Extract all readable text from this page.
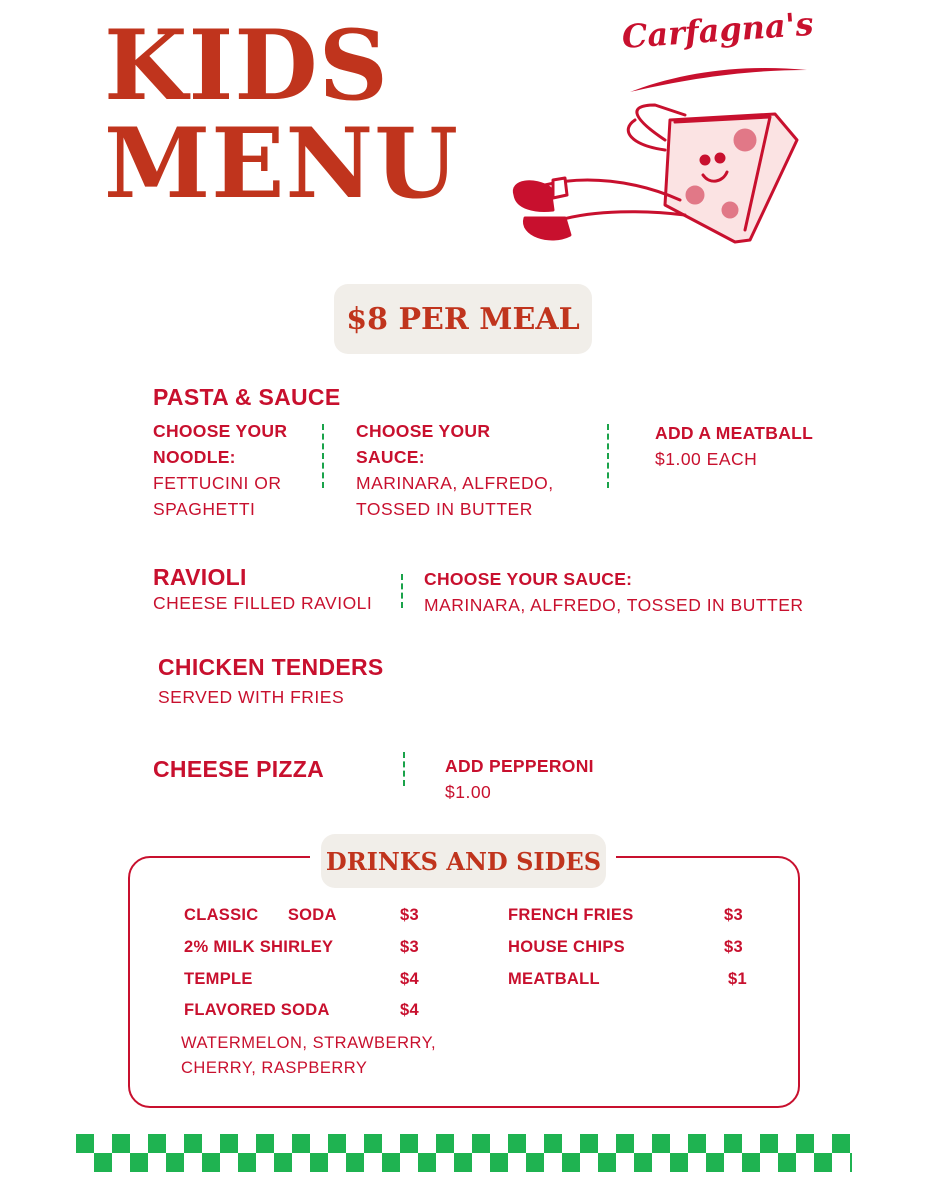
KIDS
MENU
Carfagna's
$8 PER MEAL
PASTA & SAUCE
CHOOSE YOUR
NOODLE:
FETTUCINI OR
SPAGHETTI
CHOOSE YOUR
SAUCE:
MARINARA, ALFREDO,
TOSSED IN BUTTER
ADD A MEATBALL
$1.00 EACH
RAVIOLI
CHEESE FILLED RAVIOLI
CHOOSE YOUR SAUCE:
MARINARA, ALFREDO, TOSSED IN BUTTER
CHICKEN TENDERS
SERVED WITH FRIES
CHEESE PIZZA	ADD PEPPERONI
$1.00
DRINKS AND SIDES
CLASSIC      SODA	$3
2% MILK SHIRLEY	$3
TEMPLE	$4
FLAVORED SODA	$4
WATERMELON, STRAWBERRY,
CHERRY, RASPBERRY
FRENCH FRIES	$3
HOUSE CHIPS	$3
MEATBALL	$1
